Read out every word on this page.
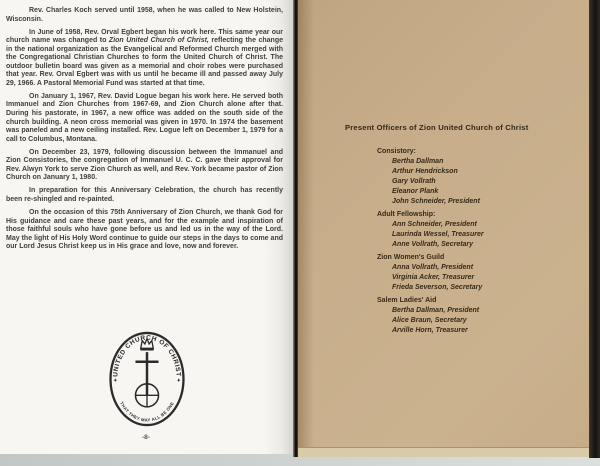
Rev. Charles Koch served until 1958, when he was called to New Holstein, Wisconsin.

In June of 1958, Rev. Orval Egbert began his work here. This same year our church name was changed to Zion United Church of Christ, reflecting the change in the national organization as the Evangelical and Reformed Church merged with the Congregational Christian Churches to form the United Church of Christ. The outdoor bulletin board was given as a memorial and choir robes were purchased that year. Rev. Orval Egbert was with us until he became ill and passed away July 29, 1966. A Pastoral Memorial Fund was started at that time.

On January 1, 1967, Rev. David Logue began his work here. He served both Immanuel and Zion Churches from 1967-69, and Zion Church alone after that. During his pastorate, in 1967, a new office was added on the south side of the church building. A neon cross memorial was given in 1970. In 1974 the basement was paneled and a new ceiling installed. Rev. Logue left on December 1, 1979 for a call to Columbus, Montana.

On December 23, 1979, following discussion between the Immanuel and Zion Consistories, the congregation of Immanuel U. C. C. gave their approval for Rev. Alwyn York to serve Zion Church as well, and Rev. York became pastor of Zion Church on January 1, 1980.

In preparation for this Anniversary Celebration, the church has recently been re-shingled and re-painted.

On the occasion of this 75th Anniversary of Zion Church, we thank God for His guidance and care these past years, and for the example and inspiration of those faithful souls who have gone before us and led us in the way of the Lord. May the light of His Holy Word continue to guide our steps in the days to come and our Lord Jesus Christ keep us in His grace and love, now and forever.

UNITED CHURCH OF CHRIST
THAT THEY MAY ALL BE ONE
✦	✦
-8-
Present Officers of Zion United Church of Christ
Consistory:
Bertha Dallman
Arthur Hendrickson
Gary Vollrath
Eleanor Plank
John Schneider, President
Adult Fellowship:
Ann Schneider, President
Laurinda Wessel, Treasurer
Anne Vollrath, Secretary
Zion Women's Guild
Anna Vollrath, President
Virginia Acker, Treasurer
Frieda Severson, Secretary
Salem Ladies' Aid
Bertha Dallman, President
Alice Braun, Secretary
Arville Horn, Treasurer
